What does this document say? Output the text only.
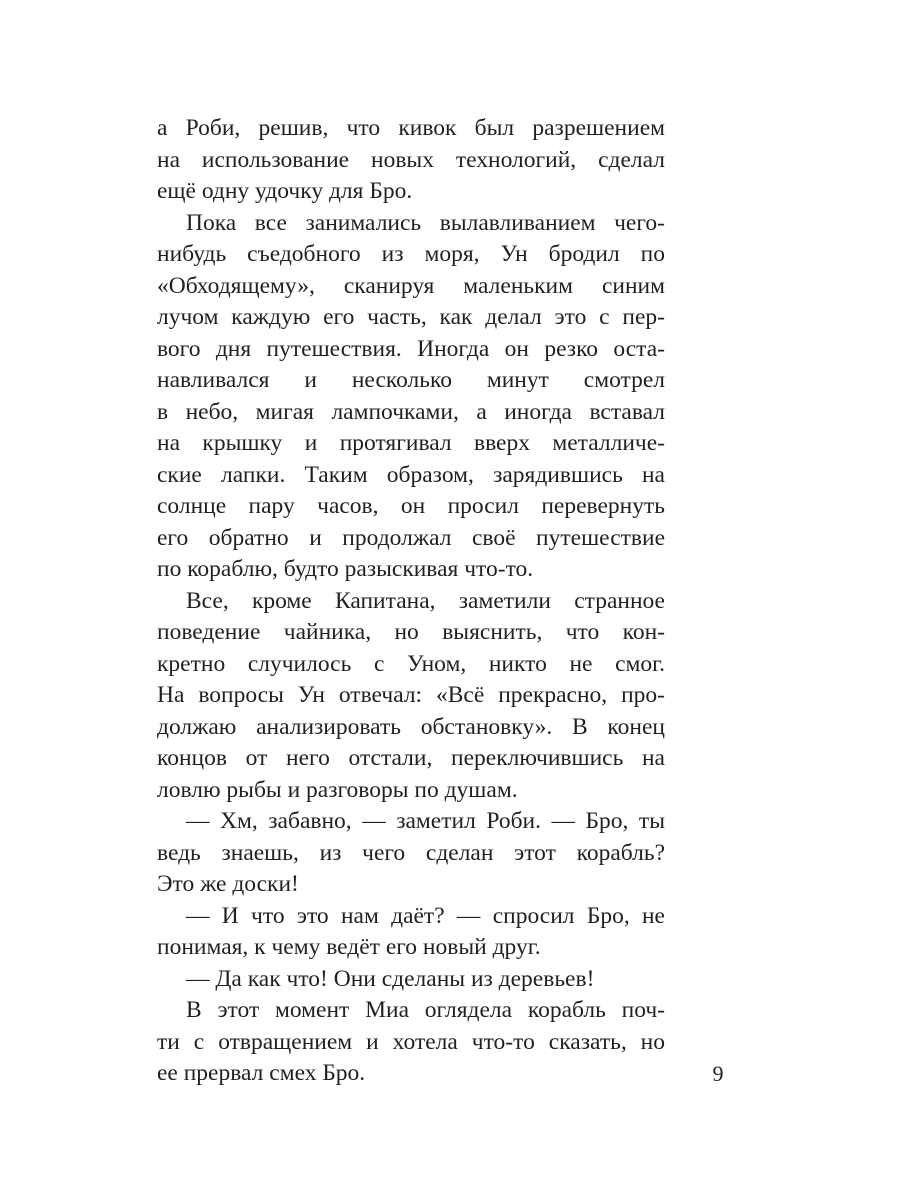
а Роби, решив, что кивок был разрешением
на использование новых технологий, сделал
ещё одну удочку для Бро.
Пока все занимались вылавливанием чего-
нибудь съедобного из моря, Ун бродил по
«Обходящему», сканируя маленьким синим
лучом каждую его часть, как делал это с пер-
вого дня путешествия. Иногда он резко оста-
навливался и несколько минут смотрел
в небо, мигая лампочками, а иногда вставал
на крышку и протягивал вверх металличе-
ские лапки. Таким образом, зарядившись на
солнце пару часов, он просил перевернуть
его обратно и продолжал своё путешествие
по кораблю, будто разыскивая что-то.
Все, кроме Капитана, заметили странное
поведение чайника, но выяснить, что кон-
кретно случилось с Уном, никто не смог.
На вопросы Ун отвечал: «Всё прекрасно, про-
должаю анализировать обстановку». В конец
концов от него отстали, переключившись на
ловлю рыбы и разговоры по душам.
— Хм, забавно, — заметил Роби. — Бро, ты
ведь знаешь, из чего сделан этот корабль?
Это же доски!
— И что это нам даёт? — спросил Бро, не
понимая, к чему ведёт его новый друг.
— Да как что! Они сделаны из деревьев!
В этот момент Миа оглядела корабль поч-
ти с отвращением и хотела что-то сказать, но
ее прервал смех Бро.	9
